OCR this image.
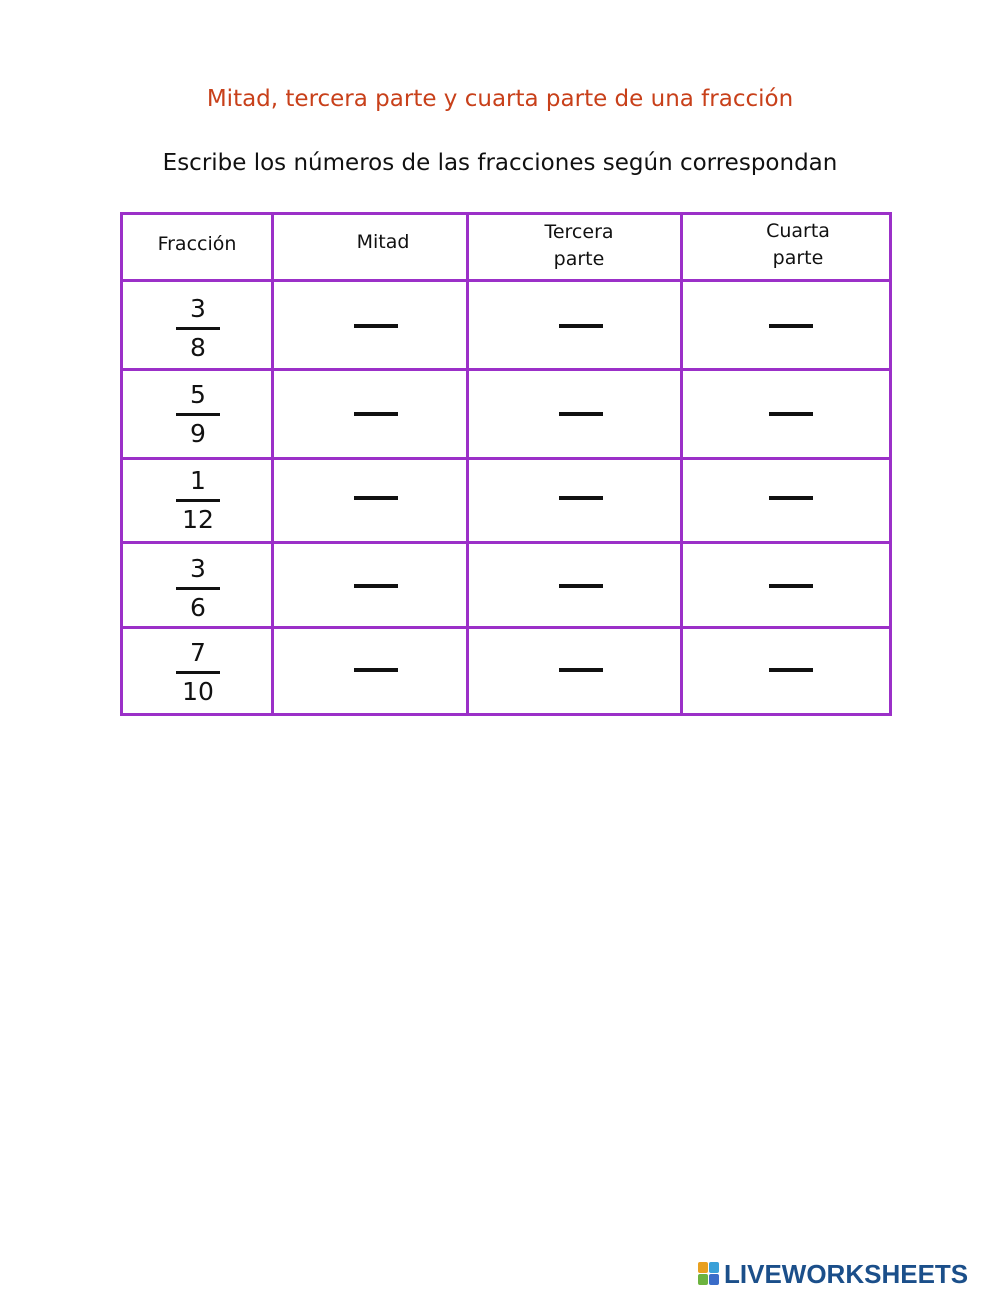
Mitad, tercera parte y cuarta parte de una fracción
Escribe los números de las fracciones según correspondan
Fracción	Mitad	Tercera
parte
Cuarta
parte
3
8
5
9
1
12
3
6
7
10
LIVEWORKSHEETS
